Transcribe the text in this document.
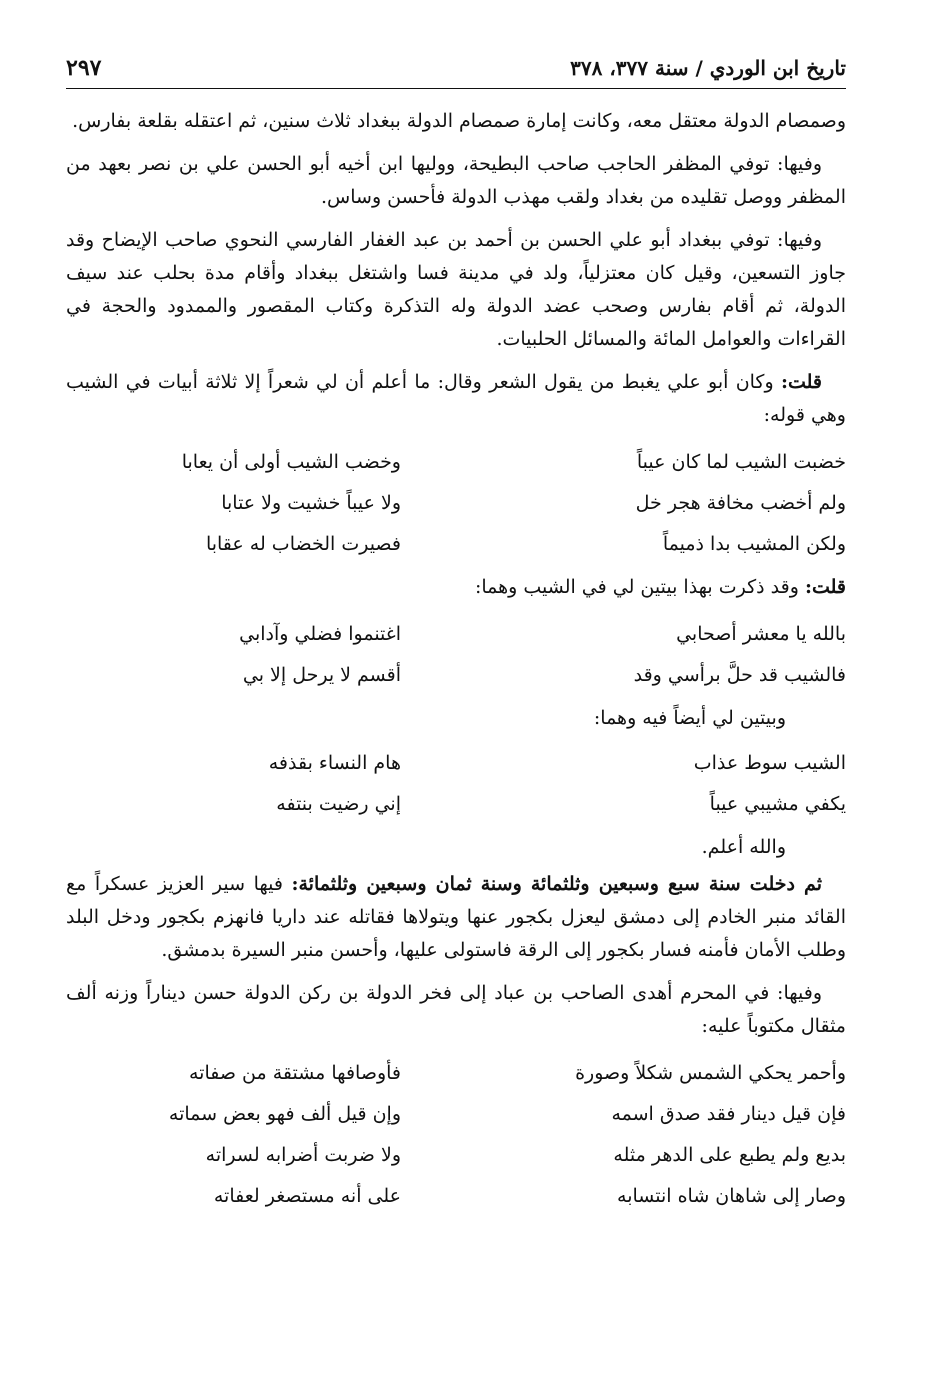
تاريخ ابن الوردي / سنة ٣٧٧، ٣٧٨
٢٩٧

وصمصام الدولة معتقل معه، وكانت إمارة صمصام الدولة ببغداد ثلاث سنين، ثم اعتقله بقلعة بفارس.

وفيها: توفي المظفر الحاجب صاحب البطيحة، ووليها ابن أخيه أبو الحسن علي بن نصر بعهد من المظفر ووصل تقليده من بغداد ولقب مهذب الدولة فأحسن وساس.

وفيها: توفي ببغداد أبو علي الحسن بن أحمد بن عبد الغفار الفارسي النحوي صاحب الإيضاح وقد جاوز التسعين، وقيل كان معتزلياً، ولد في مدينة فسا واشتغل ببغداد وأقام مدة بحلب عند سيف الدولة، ثم أقام بفارس وصحب عضد الدولة وله التذكرة وكتاب المقصور والممدود والحجة في القراءات والعوامل المائة والمسائل الحلبيات.

قلت: وكان أبو علي يغبط من يقول الشعر وقال: ما أعلم أن لي شعراً إلا ثلاثة أبيات في الشيب وهي قوله:

خضبت الشيب لما كان عيباً
وخضب الشيب أولى أن يعابا
ولم أخضب مخافة هجر خل
ولا عيباً خشيت ولا عتابا
ولكن المشيب بدا ذميماً
فصيرت الخضاب له عقابا

قلت: وقد ذكرت بهذا بيتين لي في الشيب وهما:

بالله يا معشر أصحابي
اغتنموا فضلي وآدابي
فالشيب قد حلَّ برأسي وقد
أقسم لا يرحل إلا بي

وبيتين لي أيضاً فيه وهما:

الشيب سوط عذاب
هام النساء بقذفه
يكفي مشيبي عيباً
إني رضيت بنتفه

والله أعلم.

ثم دخلت سنة سبع وسبعين وثلثمائة وسنة ثمان وسبعين وثلثمائة: فيها سير العزيز عسكراً مع القائد منبر الخادم إلى دمشق ليعزل بكجور عنها ويتولاها فقاتله عند داريا فانهزم بكجور ودخل البلد وطلب الأمان فأمنه فسار بكجور إلى الرقة فاستولى عليها، وأحسن منبر السيرة بدمشق.

وفيها: في المحرم أهدى الصاحب بن عباد إلى فخر الدولة بن ركن الدولة حسن ديناراً وزنه ألف مثقال مكتوباً عليه:

وأحمر يحكي الشمس شكلاً وصورة
فأوصافها مشتقة من صفاته
فإن قيل دينار فقد صدق اسمه
وإن قيل ألف فهو بعض سماته
بديع ولم يطبع على الدهر مثله
ولا ضربت أضرابه لسراته
وصار إلى شاهان شاه انتسابه
على أنه مستصغر لعفاته
